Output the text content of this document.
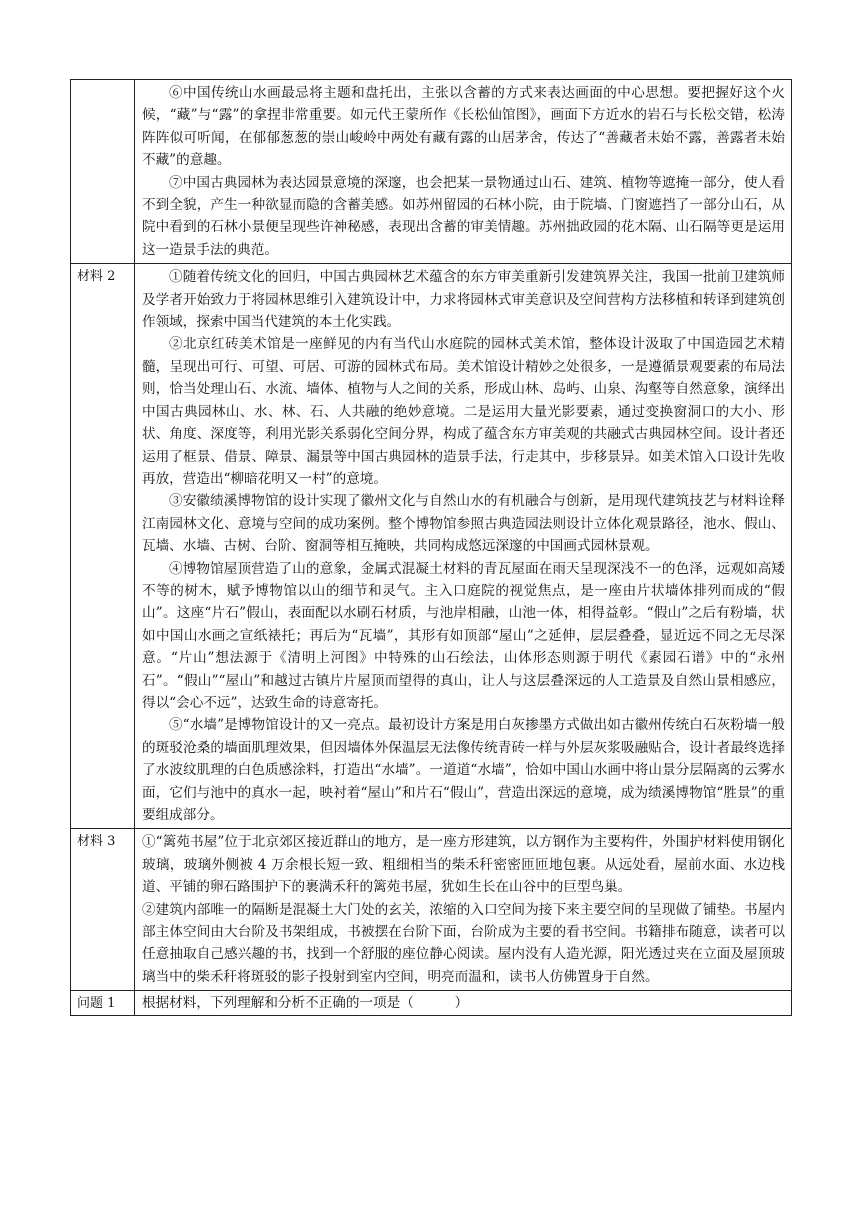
	⑥中国传统山水画最忌将主题和盘托出，主张以含蓄的方式来表达画面的中心思想。要把握好这个火候，“藏”与“露”的拿捏非常重要。如元代王蒙所作《长松仙馆图》，画面下方近水的岩石与长松交错，松涛阵阵似可听闻，在郁郁葱葱的崇山峻岭中两处有藏有露的山居茅舍，传达了“善藏者未始不露，善露者未始不藏”的意趣。

⑦中国古典园林为表达园景意境的深邃，也会把某一景物通过山石、建筑、植物等遮掩一部分，使人看不到全貌，产生一种欲显而隐的含蓄美感。如苏州留园的石林小院，由于院墙、门窗遮挡了一部分山石，从院中看到的石林小景便呈现些许神秘感，表现出含蓄的审美情趣。苏州拙政园的花木隔、山石隔等更是运用这一造景手法的典范。

材料 2	①随着传统文化的回归，中国古典园林艺术蕴含的东方审美重新引发建筑界关注，我国一批前卫建筑师及学者开始致力于将园林思维引入建筑设计中，力求将园林式审美意识及空间营构方法移植和转译到建筑创作领域，探索中国当代建筑的本土化实践。

②北京红砖美术馆是一座鲜见的内有当代山水庭院的园林式美术馆，整体设计汲取了中国造园艺术精髓，呈现出可行、可望、可居、可游的园林式布局。美术馆设计精妙之处很多，一是遵循景观要素的布局法则，恰当处理山石、水流、墙体、植物与人之间的关系，形成山林、岛屿、山泉、沟壑等自然意象，演绎出中国古典园林山、水、林、石、人共融的绝妙意境。二是运用大量光影要素，通过变换窗洞口的大小、形状、角度、深度等，利用光影关系弱化空间分界，构成了蕴含东方审美观的共融式古典园林空间。设计者还运用了框景、借景、障景、漏景等中国古典园林的造景手法，行走其中，步移景异。如美术馆入口设计先收再放，营造出“柳暗花明又一村”的意境。

③安徽绩溪博物馆的设计实现了徽州文化与自然山水的有机融合与创新，是用现代建筑技艺与材料诠释江南园林文化、意境与空间的成功案例。整个博物馆参照古典造园法则设计立体化观景路径，池水、假山、瓦墙、水墙、古树、台阶、窗洞等相互掩映，共同构成悠远深邃的中国画式园林景观。

④博物馆屋顶营造了山的意象，金属式混凝土材料的青瓦屋面在雨天呈现深浅不一的色泽，远观如高矮不等的树木，赋予博物馆以山的细节和灵气。主入口庭院的视觉焦点，是一座由片状墙体排列而成的“假山”。这座“片石”假山，表面配以水刷石材质，与池岸相融，山池一体，相得益彰。“假山”之后有粉墙，状如中国山水画之宣纸裱托；再后为“瓦墙”，其形有如顶部“屋山”之延伸，层层叠叠，显近远不同之无尽深意。“片山”想法源于《清明上河图》中特殊的山石绘法，山体形态则源于明代《素园石谱》中的“永州石”。“假山”“屋山”和越过古镇片片屋顶而望得的真山，让人与这层叠深远的人工造景及自然山景相感应，得以“会心不远”，达致生命的诗意寄托。

⑤“水墙”是博物馆设计的又一亮点。最初设计方案是用白灰掺墨方式做出如古徽州传统白石灰粉墙一般的斑驳沧桑的墙面肌理效果，但因墙体外保温层无法像传统青砖一样与外层灰浆吸融贴合，设计者最终选择了水波纹肌理的白色质感涂料，打造出“水墙”。一道道“水墙”，恰如中国山水画中将山景分层隔离的云雾水面，它们与池中的真水一起，映衬着“屋山”和片石“假山”，营造出深远的意境，成为绩溪博物馆“胜景”的重要组成部分。

材料 3	①“篱苑书屋”位于北京郊区接近群山的地方，是一座方形建筑，以方钢作为主要构件，外围护材料使用钢化玻璃，玻璃外侧被 4 万余根长短一致、粗细相当的柴禾秆密密匝匝地包裹。从远处看，屋前水面、水边栈道、平铺的卵石路围护下的裹满禾秆的篱苑书屋，犹如生长在山谷中的巨型鸟巢。

②建筑内部唯一的隔断是混凝土大门处的玄关，浓缩的入口空间为接下来主要空间的呈现做了铺垫。书屋内部主体空间由大台阶及书架组成，书被摆在台阶下面，台阶成为主要的看书空间。书籍排布随意，读者可以任意抽取自己感兴趣的书，找到一个舒服的座位静心阅读。屋内没有人造光源，阳光透过夹在立面及屋顶玻璃当中的柴禾秆将斑驳的影子投射到室内空间，明亮而温和，读书人仿佛置身于自然。

问题 1	根据材料，下列理解和分析不正确的一项是（　　　）
